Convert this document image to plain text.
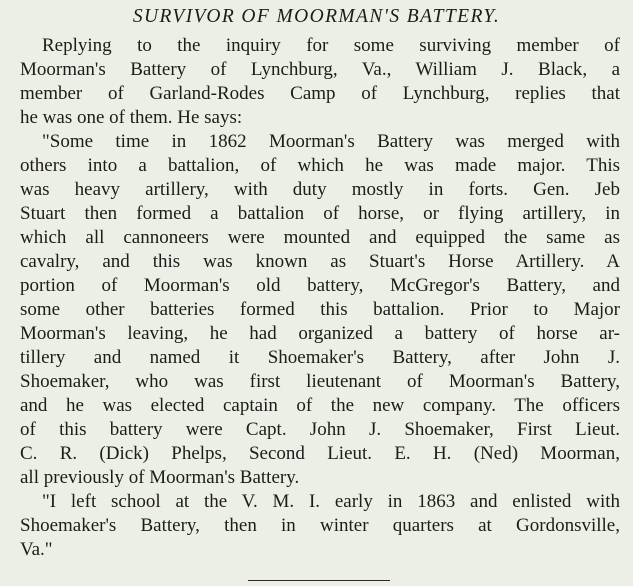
SURVIVOR OF MOORMAN'S BATTERY.
Replying to the inquiry for some surviving member of
Moorman's Battery of Lynchburg, Va., William J. Black, a
member of Garland-Rodes Camp of Lynchburg, replies that
he was one of them. He says:
"Some time in 1862 Moorman's Battery was merged with
others into a battalion, of which he was made major. This
was heavy artillery, with duty mostly in forts. Gen. Jeb
Stuart then formed a battalion of horse, or flying artillery, in
which all cannoneers were mounted and equipped the same as
cavalry, and this was known as Stuart's Horse Artillery. A
portion of Moorman's old battery, McGregor's Battery, and
some other batteries formed this battalion. Prior to Major
Moorman's leaving, he had organized a battery of horse ar-
tillery and named it Shoemaker's Battery, after John J.
Shoemaker, who was first lieutenant of Moorman's Battery,
and he was elected captain of the new company. The officers
of this battery were Capt. John J. Shoemaker, First Lieut.
C. R. (Dick) Phelps, Second Lieut. E. H. (Ned) Moorman,
all previously of Moorman's Battery.
"I left school at the V. M. I. early in 1863 and enlisted with
Shoemaker's Battery, then in winter quarters at Gordonsville,
Va."
